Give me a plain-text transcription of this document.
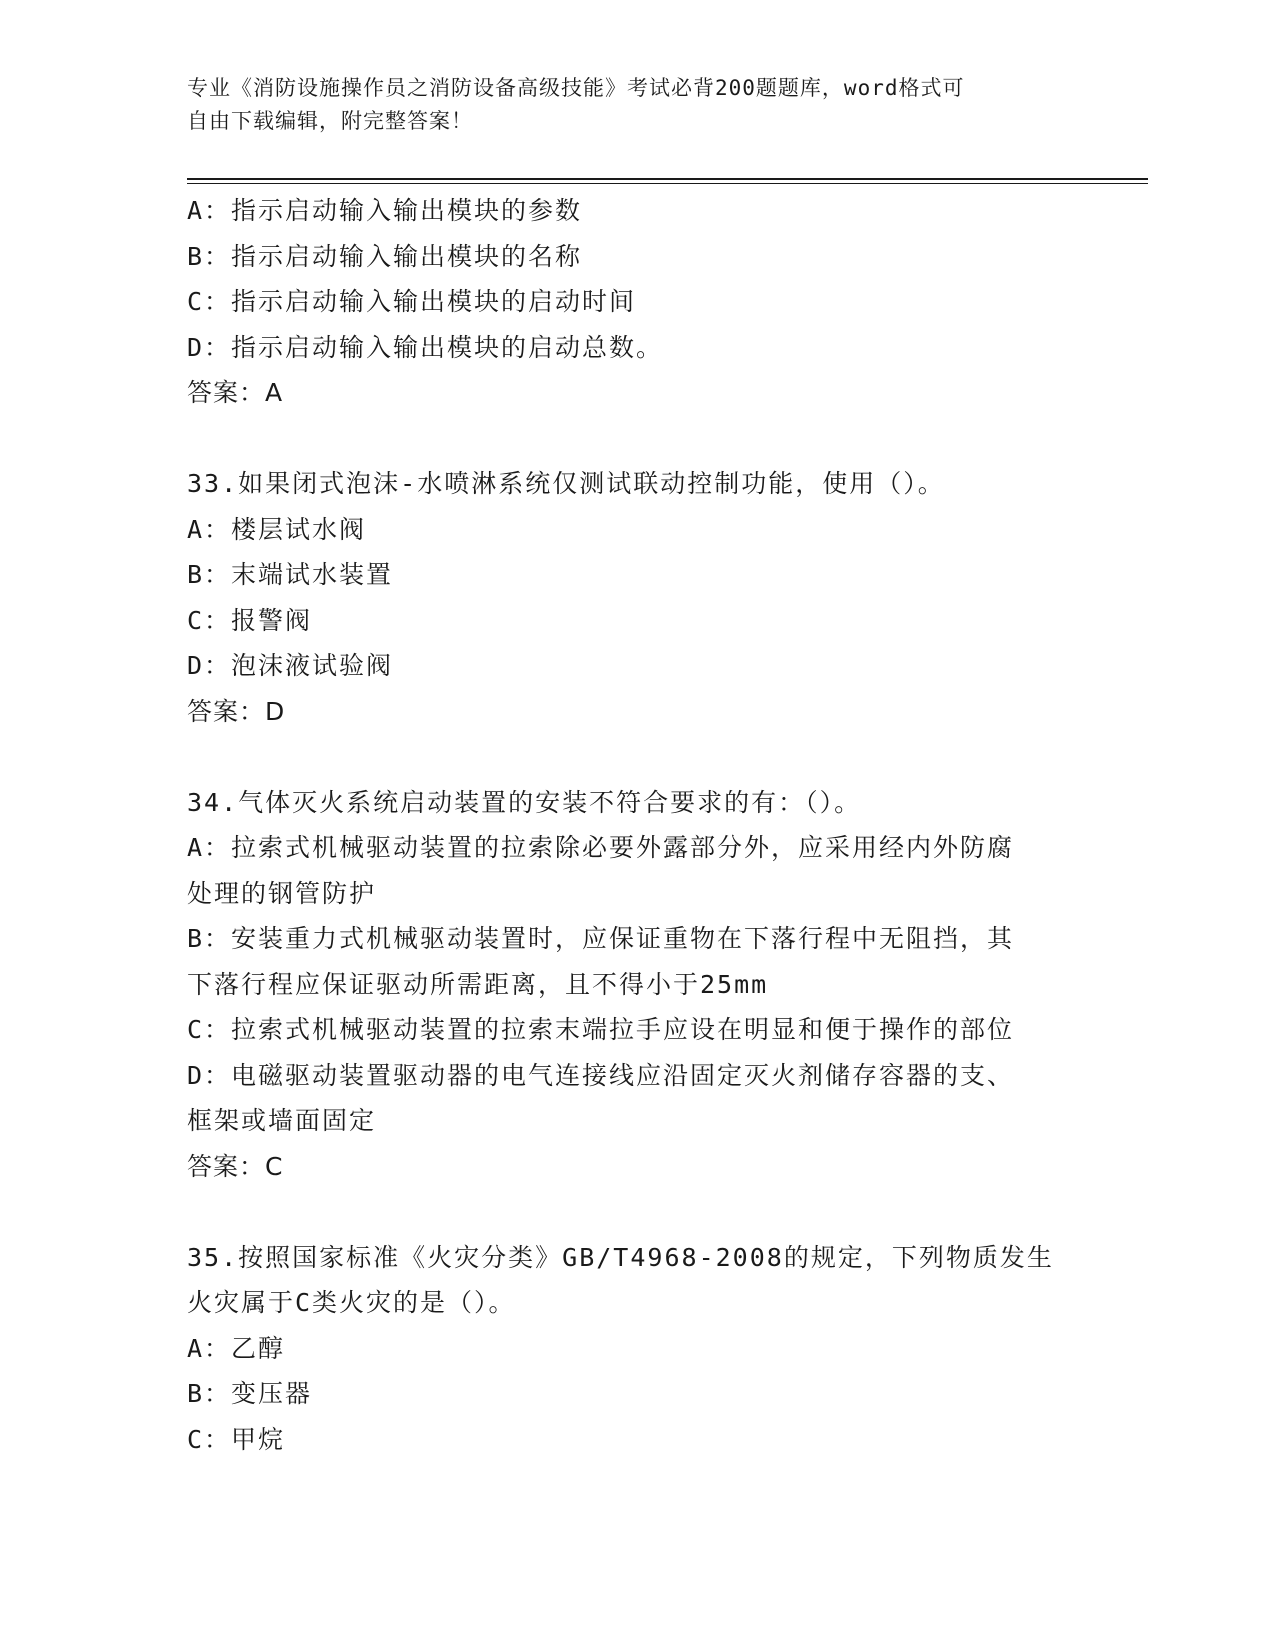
专业《消防设施操作员之消防设备高级技能》考试必背200题题库，word格式可
自由下载编辑，附完整答案！

A：指示启动输入输出模块的参数

B：指示启动输入输出模块的名称

C：指示启动输入输出模块的启动时间

D：指示启动输入输出模块的启动总数。

答案：A

33.如果闭式泡沫-水喷淋系统仅测试联动控制功能，使用（）。

A：楼层试水阀

B：末端试水装置

C：报警阀

D：泡沫液试验阀

答案：D

34.气体灭火系统启动装置的安装不符合要求的有：（）。

A：拉索式机械驱动装置的拉索除必要外露部分外，应采用经内外防腐

处理的钢管防护

B：安装重力式机械驱动装置时，应保证重物在下落行程中无阻挡，其

下落行程应保证驱动所需距离，且不得小于25mm

C：拉索式机械驱动装置的拉索末端拉手应设在明显和便于操作的部位

D：电磁驱动装置驱动器的电气连接线应沿固定灭火剂储存容器的支、

框架或墙面固定

答案：C

35.按照国家标准《火灾分类》GB/T4968-2008的规定，下列物质发生

火灾属于C类火灾的是（）。

A：乙醇

B：变压器

C：甲烷
